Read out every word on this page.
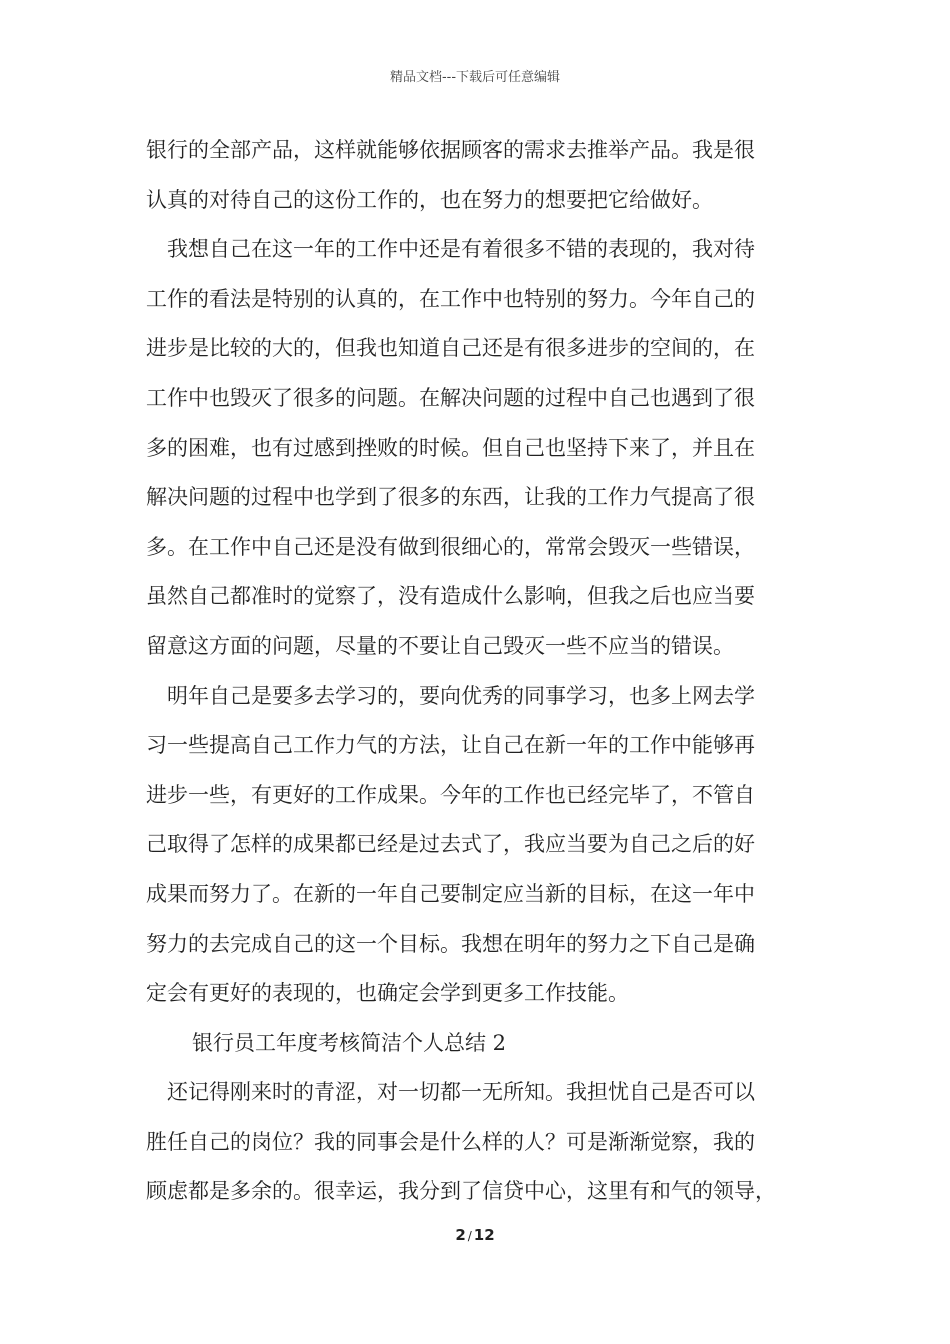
精品文档---下载后可任意编辑
银行的全部产品，这样就能够依据顾客的需求去推举产品。我是很
认真的对待自己的这份工作的，也在努力的想要把它给做好。
我想自己在这一年的工作中还是有着很多不错的表现的，我对待
工作的看法是特别的认真的，在工作中也特别的努力。今年自己的
进步是比较的大的，但我也知道自己还是有很多进步的空间的，在
工作中也毁灭了很多的问题。在解决问题的过程中自己也遇到了很
多的困难，也有过感到挫败的时候。但自己也坚持下来了，并且在
解决问题的过程中也学到了很多的东西，让我的工作力气提高了很
多。在工作中自己还是没有做到很细心的，常常会毁灭一些错误，
虽然自己都准时的觉察了，没有造成什么影响，但我之后也应当要
留意这方面的问题，尽量的不要让自己毁灭一些不应当的错误。
明年自己是要多去学习的，要向优秀的同事学习，也多上网去学
习一些提高自己工作力气的方法，让自己在新一年的工作中能够再
进步一些，有更好的工作成果。今年的工作也已经完毕了，不管自
己取得了怎样的成果都已经是过去式了，我应当要为自己之后的好
成果而努力了。在新的一年自己要制定应当新的目标，在这一年中
努力的去完成自己的这一个目标。我想在明年的努力之下自己是确
定会有更好的表现的，也确定会学到更多工作技能。
银行员工年度考核简洁个人总结 2
还记得刚来时的青涩，对一切都一无所知。我担忧自己是否可以
胜任自己的岗位？我的同事会是什么样的人？可是渐渐觉察，我的
顾虑都是多余的。很幸运，我分到了信贷中心，这里有和气的领导，
2 / 12
